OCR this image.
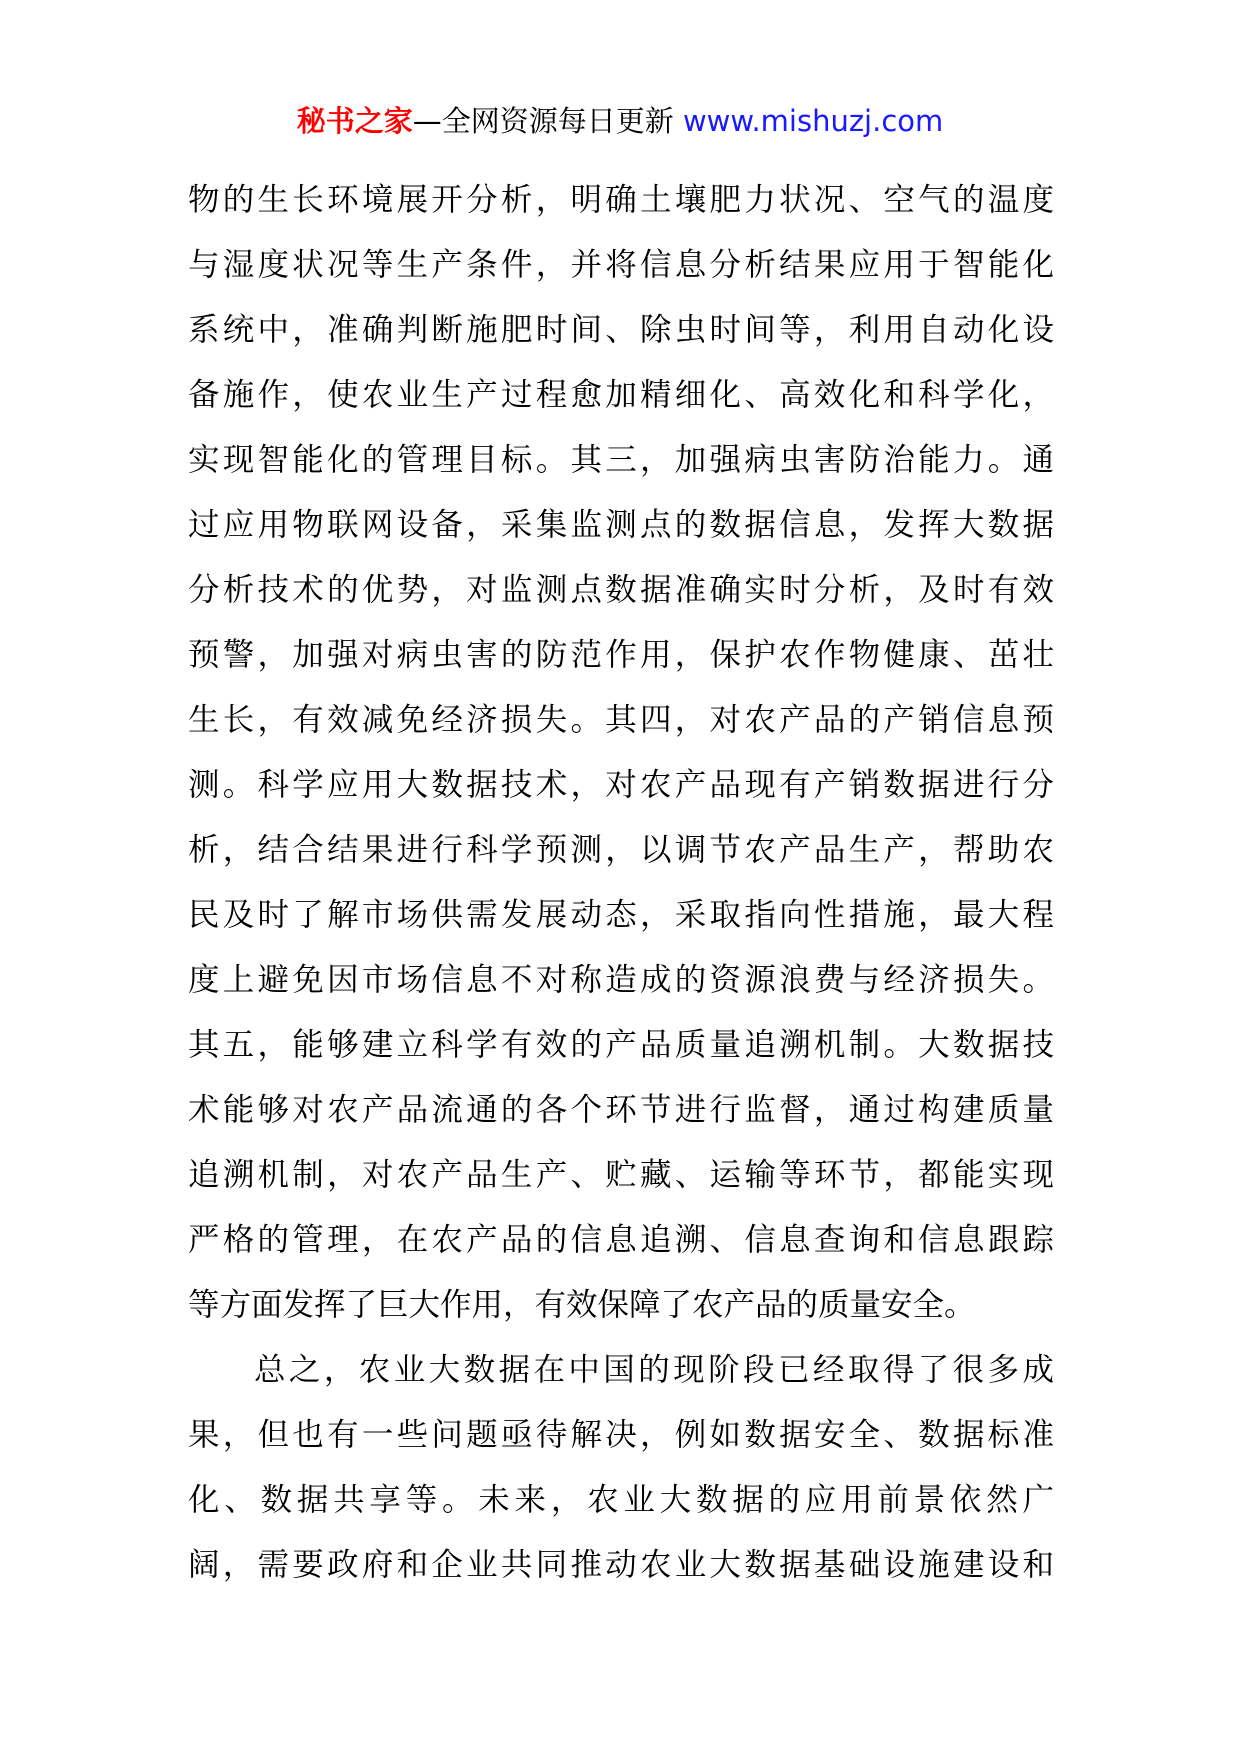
秘书之家—全网资源每日更新 www.mishuzj.com
物的生长环境展开分析，明确土壤肥力状况、空气的温度
与湿度状况等生产条件，并将信息分析结果应用于智能化
系统中，准确判断施肥时间、除虫时间等，利用自动化设
备施作，使农业生产过程愈加精细化、高效化和科学化，
实现智能化的管理目标。其三，加强病虫害防治能力。通
过应用物联网设备，采集监测点的数据信息，发挥大数据
分析技术的优势，对监测点数据准确实时分析，及时有效
预警，加强对病虫害的防范作用，保护农作物健康、茁壮
生长，有效减免经济损失。其四，对农产品的产销信息预
测。科学应用大数据技术，对农产品现有产销数据进行分
析，结合结果进行科学预测，以调节农产品生产，帮助农
民及时了解市场供需发展动态，采取指向性措施，最大程
度上避免因市场信息不对称造成的资源浪费与经济损失。
其五，能够建立科学有效的产品质量追溯机制。大数据技
术能够对农产品流通的各个环节进行监督，通过构建质量
追溯机制，对农产品生产、贮藏、运输等环节，都能实现
严格的管理，在农产品的信息追溯、信息查询和信息跟踪
等方面发挥了巨大作用，有效保障了农产品的质量安全。
总之，农业大数据在中国的现阶段已经取得了很多成
果，但也有一些问题亟待解决，例如数据安全、数据标准
化、数据共享等。未来，农业大数据的应用前景依然广
阔，需要政府和企业共同推动农业大数据基础设施建设和
